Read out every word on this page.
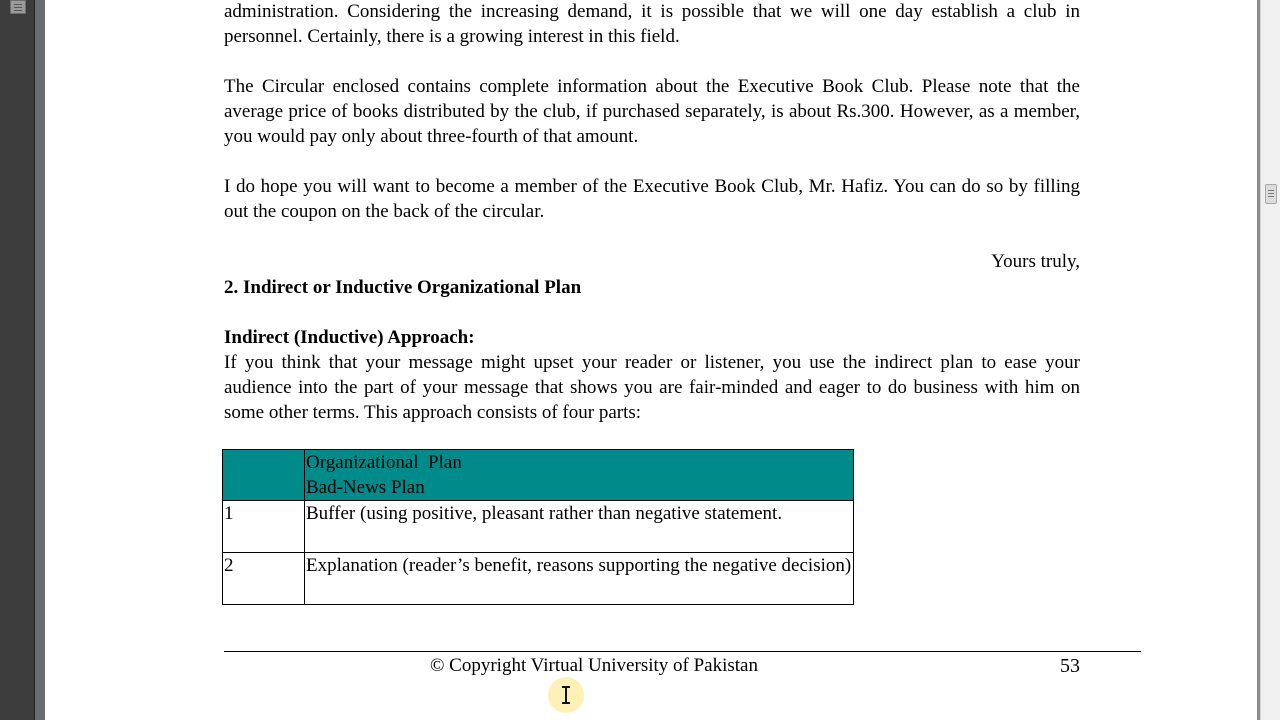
administration. Considering the increasing demand, it is possible that we will one day establish a club in personnel. Certainly, there is a growing interest in this field.

The Circular enclosed contains complete information about the Executive Book Club. Please note that the average price of books distributed by the club, if purchased separately, is about Rs.300. However, as a member, you would pay only about three-fourth of that amount.

I do hope you will want to become a member of the Executive Book Club, Mr. Hafiz. You can do so by filling out the coupon on the back of the circular.

Yours truly,
2. Indirect or Inductive Organizational Plan
Indirect (Inductive) Approach:

If you think that your message might upset your reader or listener, you use the indirect plan to ease your audience into the part of your message that shows you are fair-minded and eager to do business with him on some other terms. This approach consists of four parts:

	Organizational  Plan
Bad-News Plan

1	Buffer (using positive, pleasant rather than negative statement.
2	Explanation (reader’s benefit, reasons supporting the negative decision)
© Copyright Virtual University of Pakistan	53
